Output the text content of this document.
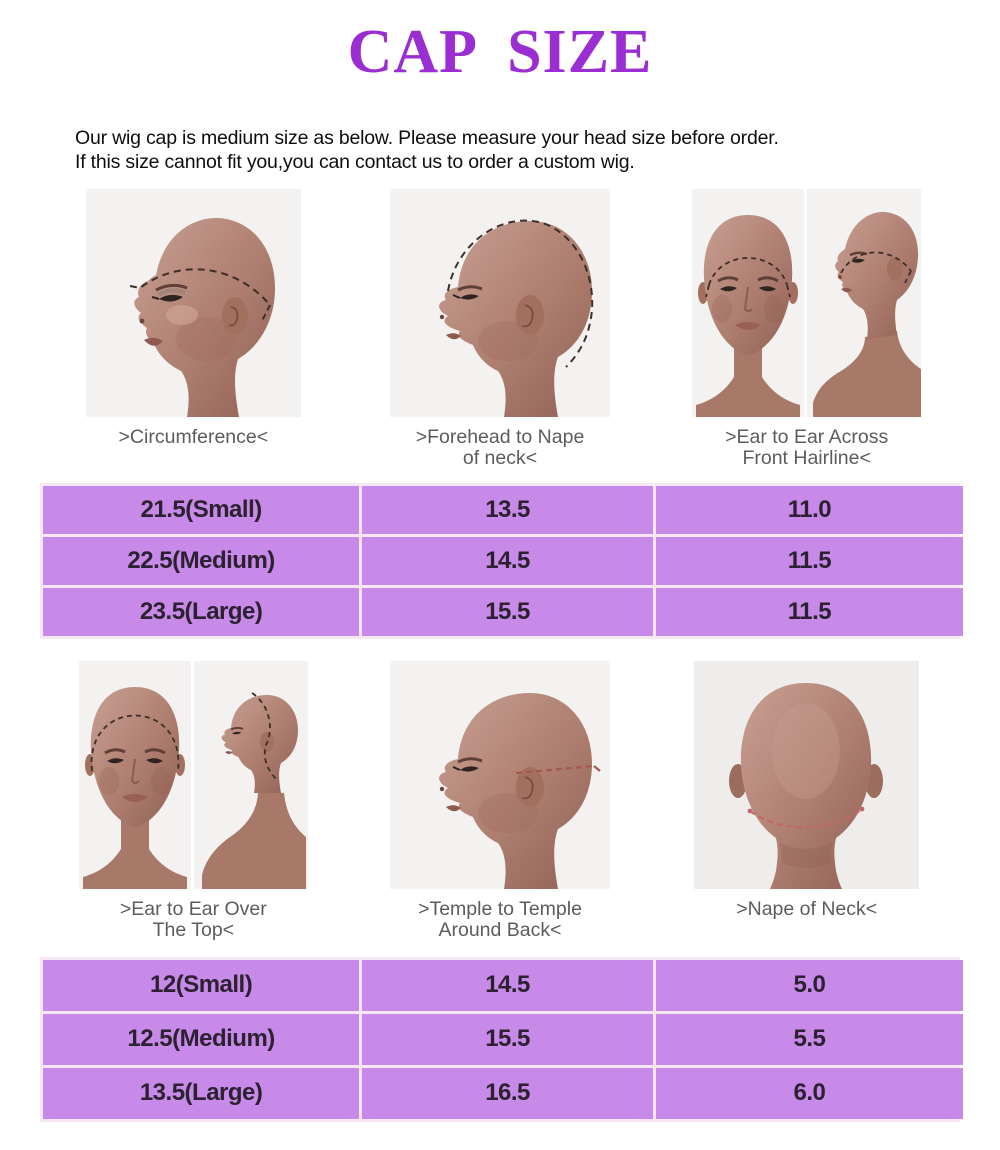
CAP SIZE
Our wig cap is medium size as below. Please measure your head size before order.
If this size cannot fit you,you can contact us to order a custom wig.
>Circumference<	>Forehead to Nape
of neck<
>Ear to Ear Across
Front Hairline<
21.5(Small)	13.5	11.0
22.5(Medium)	14.5	11.5
23.5(Large)	15.5	11.5
>Ear to Ear Over
The Top<
>Temple to Temple
Around Back<
>Nape of Neck<
12(Small)	14.5	5.0
12.5(Medium)	15.5	5.5
13.5(Large)	16.5	6.0
